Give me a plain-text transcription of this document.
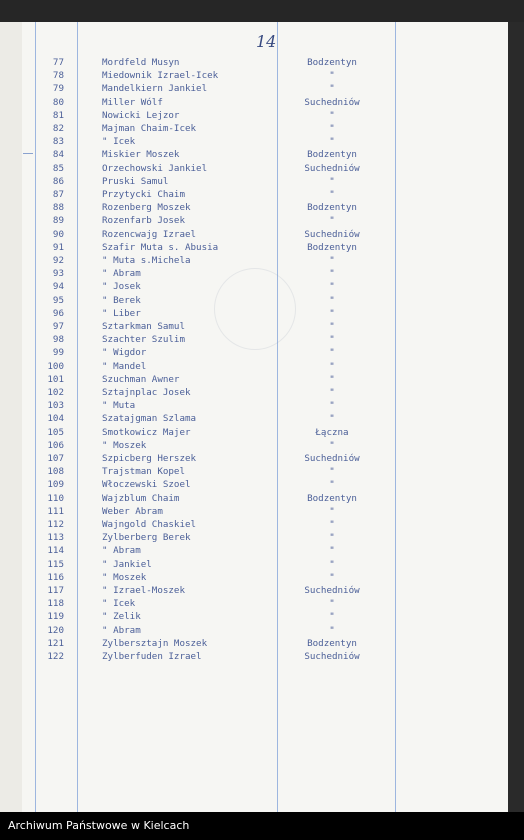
14
77	Mordfeld Musyn	Bodzentyn
78	Miedownik Izrael-Icek	"
79	Mandelkiern Jankiel	"
80	Miller Wólf	Suchedniów
81	Nowicki Lejzor	"
82	Majman Chaim-Icek	"
83	" Icek	"
84	Miskier Moszek	Bodzentyn
85	Orzechowski Jankiel	Suchedniów
86	Pruski Samul	"
87	Przytycki Chaim	"
88	Rozenberg Moszek	Bodzentyn
89	Rozenfarb Josek	"
90	Rozencwajg Izrael	Suchedniów
91	Szafir Muta s. Abusia	Bodzentyn
92	" Muta s.Michela	"
93	" Abram	"
94	" Josek	"
95	" Berek	"
96	" Liber	"
97	Sztarkman Samul	"
98	Szachter Szulim	"
99	" Wigdor	"
100	" Mandel	"
101	Szuchman Awner	"
102	Sztajnplac Josek	"
103	" Muta	"
104	Szatajgman Szlama	"
105	Smotkowicz Majer	Łączna
106	" Moszek	"
107	Szpicberg Herszek	Suchedniów
108	Trajstman Kopel	"
109	Włoczewski Szoel	"
110	Wajzblum Chaim	Bodzentyn
111	Weber Abram	"
112	Wajngold Chaskiel	"
113	Zylberberg Berek	"
114	" Abram	"
115	" Jankiel	"
116	" Moszek	"
117	" Izrael-Moszek	Suchedniów
118	" Icek	"
119	" Zelik	"
120	" Abram	"
121	Zylbersztajn Moszek	Bodzentyn
122	Zylberfuden Izrael	Suchedniów
Archiwum Państwowe w Kielcach
